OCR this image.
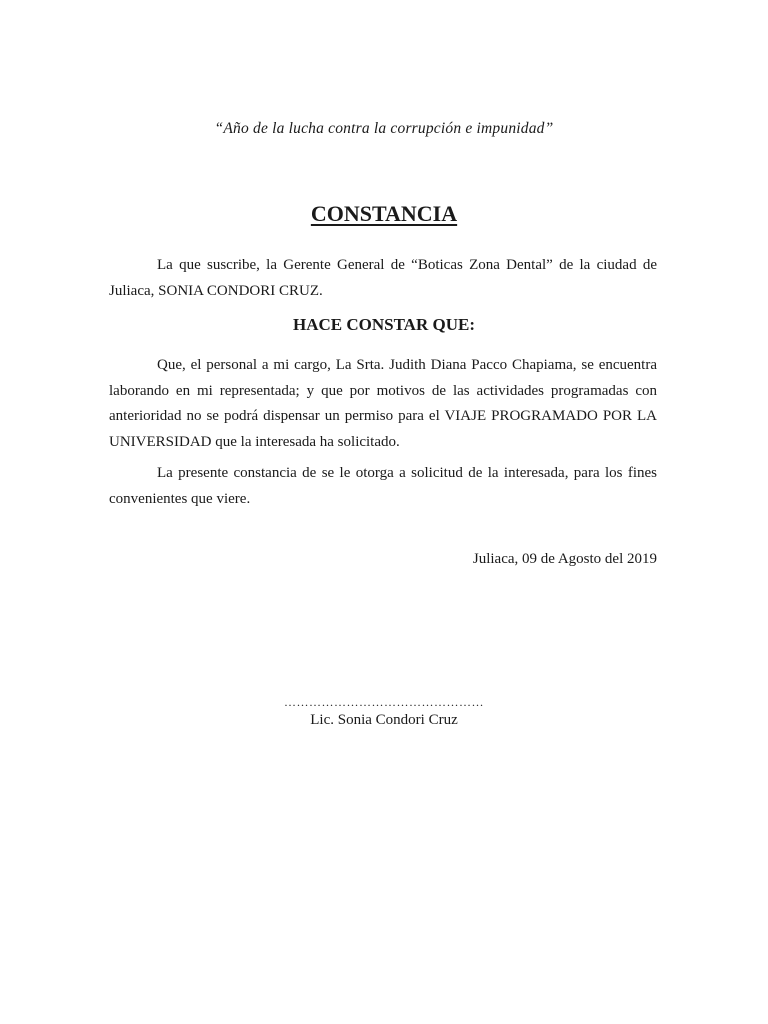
“Año de la lucha contra la corrupción e impunidad”
CONSTANCIA

La que suscribe, la Gerente General de “Boticas Zona Dental” de la ciudad de Juliaca, SONIA CONDORI CRUZ.

HACE CONSTAR QUE:

Que, el personal a mi cargo, La Srta. Judith Diana Pacco Chapiama, se encuentra laborando en mi representada; y que por motivos de las actividades programadas con anterioridad no se podrá dispensar un permiso para el VIAJE PROGRAMADO POR LA UNIVERSIDAD que la interesada ha solicitado.

La presente constancia de se le otorga a solicitud de la interesada, para los fines convenientes que viere.

Juliaca, 09 de Agosto del 2019
…………………………………………
Lic. Sonia Condori Cruz
